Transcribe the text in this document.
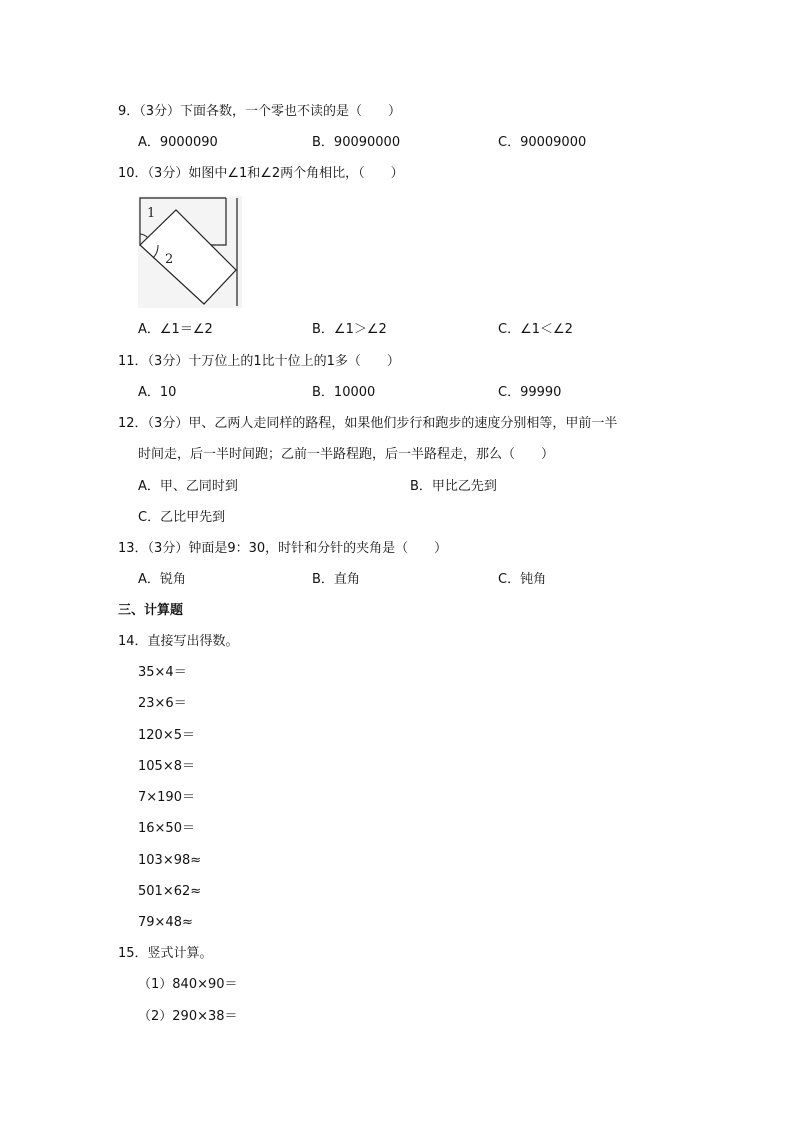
9．（3分）下面各数，一个零也不读的是（　　）
A．9000090	B．90090000	C．90009000
10．（3分）如图中∠1和∠2两个角相比，（　　）
1
2
A．∠1＝∠2	B．∠1＞∠2	C．∠1＜∠2
11．（3分）十万位上的1比十位上的1多（　　）
A．10	B．10000	C．99990
12．（3分）甲、乙两人走同样的路程，如果他们步行和跑步的速度分别相等，甲前一半
时间走，后一半时间跑；乙前一半路程跑，后一半路程走，那么（　　）
A．甲、乙同时到	B．甲比乙先到
C．乙比甲先到
13．（3分）钟面是9：30，时针和分针的夹角是（　　）
A．锐角	B．直角	C．钝角
三、计算题
14．直接写出得数。
35×4＝
23×6＝
120×5＝
105×8＝
7×190＝
16×50＝
103×98≈
501×62≈
79×48≈
15．竖式计算。
（1）840×90＝
（2）290×38＝
